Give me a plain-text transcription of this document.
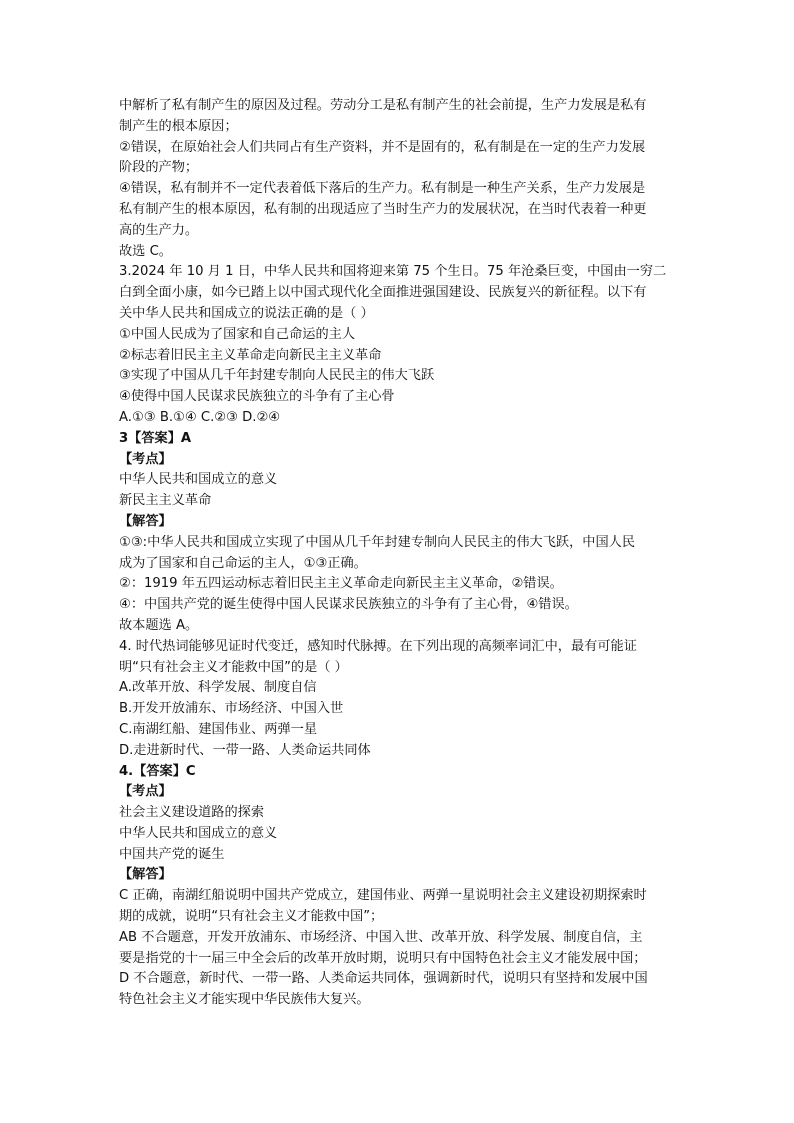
中解析了私有制产生的原因及过程。劳动分工是私有制产生的社会前提，生产力发展是私有
制产生的根本原因；
②错误，在原始社会人们共同占有生产资料，并不是固有的，私有制是在一定的生产力发展
阶段的产物；
④错误，私有制并不一定代表着低下落后的生产力。私有制是一种生产关系，生产力发展是
私有制产生的根本原因，私有制的出现适应了当时生产力的发展状况，在当时代表着一种更
高的生产力。
故选 C。
3.2024 年 10 月 1 日，中华人民共和国将迎来第 75 个生日。75 年沧桑巨变，中国由一穷二
白到全面小康，如今已踏上以中国式现代化全面推进强国建设、民族复兴的新征程。以下有
关中华人民共和国成立的说法正确的是（ ）
①中国人民成为了国家和自己命运的主人
②标志着旧民主主义革命走向新民主主义革命
③实现了中国从几千年封建专制向人民民主的伟大飞跃
④使得中国人民谋求民族独立的斗争有了主心骨
A.①③ B.①④ C.②③ D.②④
3【答案】A
【考点】
中华人民共和国成立的意义
新民主主义革命
【解答】
①③:中华人民共和国成立实现了中国从几千年封建专制向人民民主的伟大飞跃，中国人民
成为了国家和自己命运的主人，①③正确。
②：1919 年五四运动标志着旧民主主义革命走向新民主主义革命，②错误。
④：中国共产党的诞生使得中国人民谋求民族独立的斗争有了主心骨，④错误。
故本题选 A。
4. 时代热词能够见证时代变迁，感知时代脉搏。在下列出现的高频率词汇中，最有可能证
明“只有社会主义才能救中国”的是（ ）
A.改革开放、科学发展、制度自信
B.开发开放浦东、市场经济、中国入世
C.南湖红船、建国伟业、两弹一星
D.走进新时代、一带一路、人类命运共同体
4.【答案】C
【考点】
社会主义建设道路的探索
中华人民共和国成立的意义
中国共产党的诞生
【解答】
C 正确，南湖红船说明中国共产党成立，建国伟业、两弹一星说明社会主义建设初期探索时
期的成就，说明“只有社会主义才能救中国”；
AB 不合题意，开发开放浦东、市场经济、中国入世、改革开放、科学发展、制度自信，主
要是指党的十一届三中全会后的改革开放时期，说明只有中国特色社会主义才能发展中国；
D 不合题意，新时代、一带一路、人类命运共同体，强调新时代，说明只有坚持和发展中国
特色社会主义才能实现中华民族伟大复兴。
